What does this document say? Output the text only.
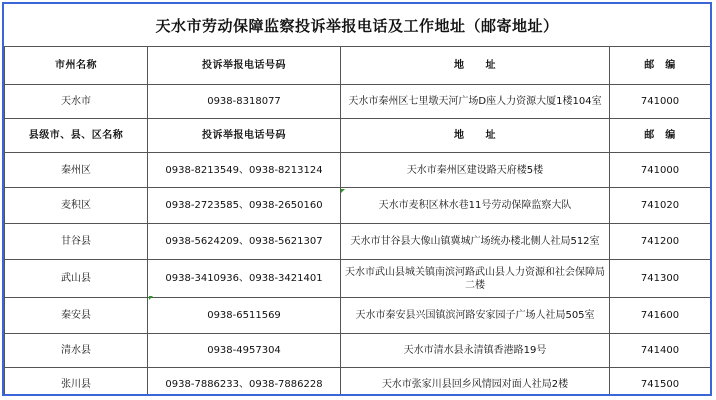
天水市劳动保障监察投诉举报电话及工作地址（邮寄地址）
市州名称	投诉举报电话号码	地　　址	邮　编
天水市	0938-8318077	天水市秦州区七里墩天河广场D座人力资源大厦1楼104室	741000
县级市、县、区名称	投诉举报电话号码	地　　址	邮　编
秦州区	0938-8213549、0938-8213124	天水市秦州区建设路天府楼5楼	741000
麦积区	0938-2723585、0938-2650160	天水市麦积区林水巷11号劳动保障监察大队	741020
甘谷县	0938-5624209、0938-5621307	天水市甘谷县大像山镇冀城广场统办楼北侧人社局512室	741200
武山县	0938-3410936、0938-3421401	天水市武山县城关镇南滨河路武山县人力资源和社会保障局二楼	741300
秦安县	0938-6511569	天水市秦安县兴国镇滨河路安家园子广场人社局505室	741600
清水县	0938-4957304	天水市清水县永清镇香港路19号	741400
张川县	0938-7886233、0938-7886228	天水市张家川县回乡风情园对面人社局2楼	741500
